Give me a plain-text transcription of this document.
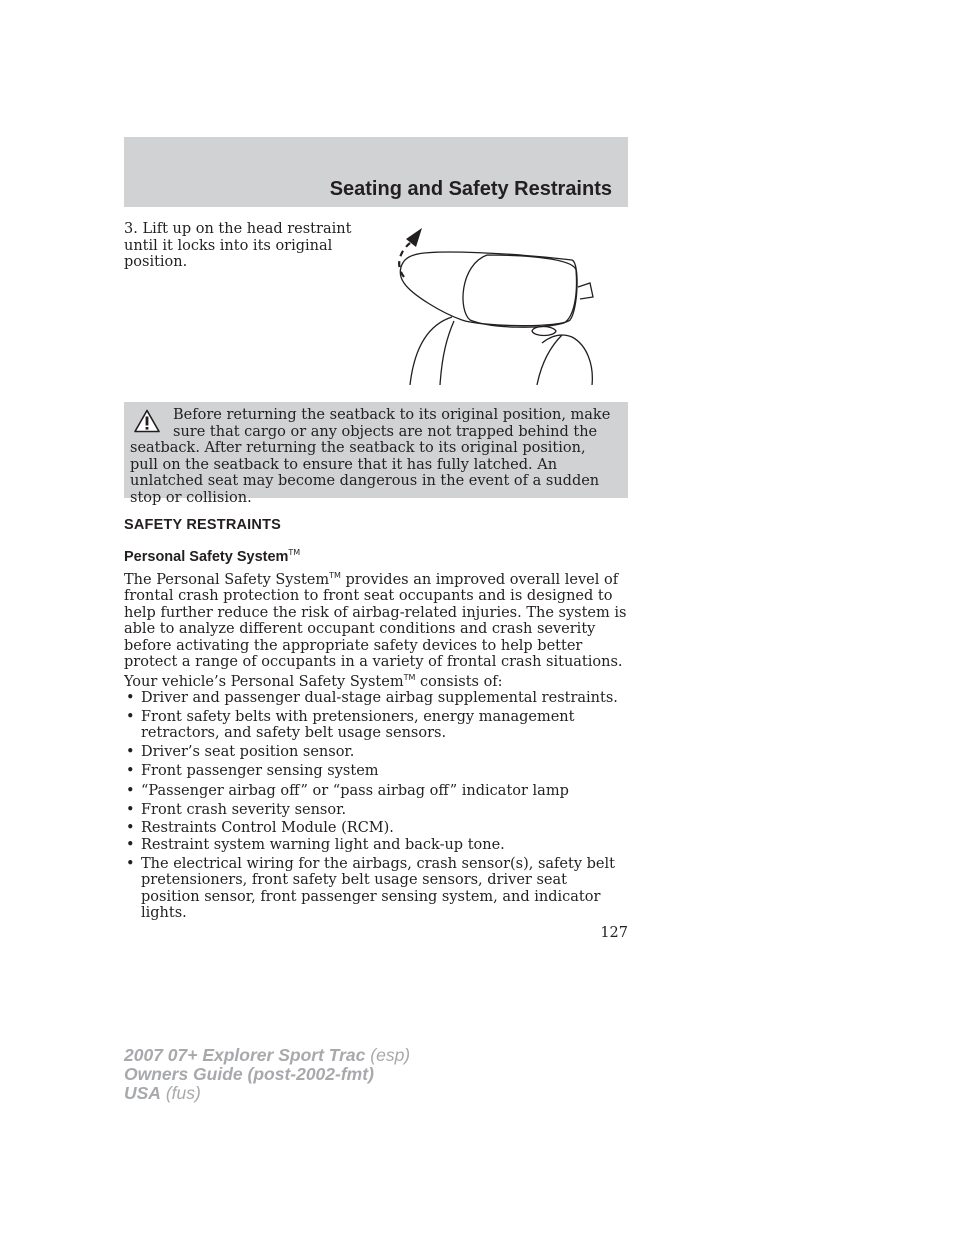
Seating and Safety Restraints
3. Lift up on the head restraint until it locks into its original position.
Before returning the seatback to its original position, make sure that cargo or any objects are not trapped behind the seatback. After returning the seatback to its original position, pull on the seatback to ensure that it has fully latched. An unlatched seat may become dangerous in the event of a sudden stop or collision.
SAFETY RESTRAINTS
Personal Safety System™
The Personal Safety System™ provides an improved overall level of frontal crash protection to front seat occupants and is designed to help further reduce the risk of airbag-related injuries. The system is able to analyze different occupant conditions and crash severity before activating the appropriate safety devices to help better protect a range of occupants in a variety of frontal crash situations.
Your vehicle’s Personal Safety System™ consists of:
• Driver and passenger dual-stage airbag supplemental restraints.
• Front safety belts with pretensioners, energy management retractors, and safety belt usage sensors.
• Driver’s seat position sensor.
• Front passenger sensing system
• “Passenger airbag off” or “pass airbag off” indicator lamp
• Front crash severity sensor.
• Restraints Control Module (RCM).
• Restraint system warning light and back-up tone.
• The electrical wiring for the airbags, crash sensor(s), safety belt pretensioners, front safety belt usage sensors, driver seat position sensor, front passenger sensing system, and indicator lights.
127
2007 07+ Explorer Sport Trac (esp)
Owners Guide (post-2002-fmt)
USA (fus)
